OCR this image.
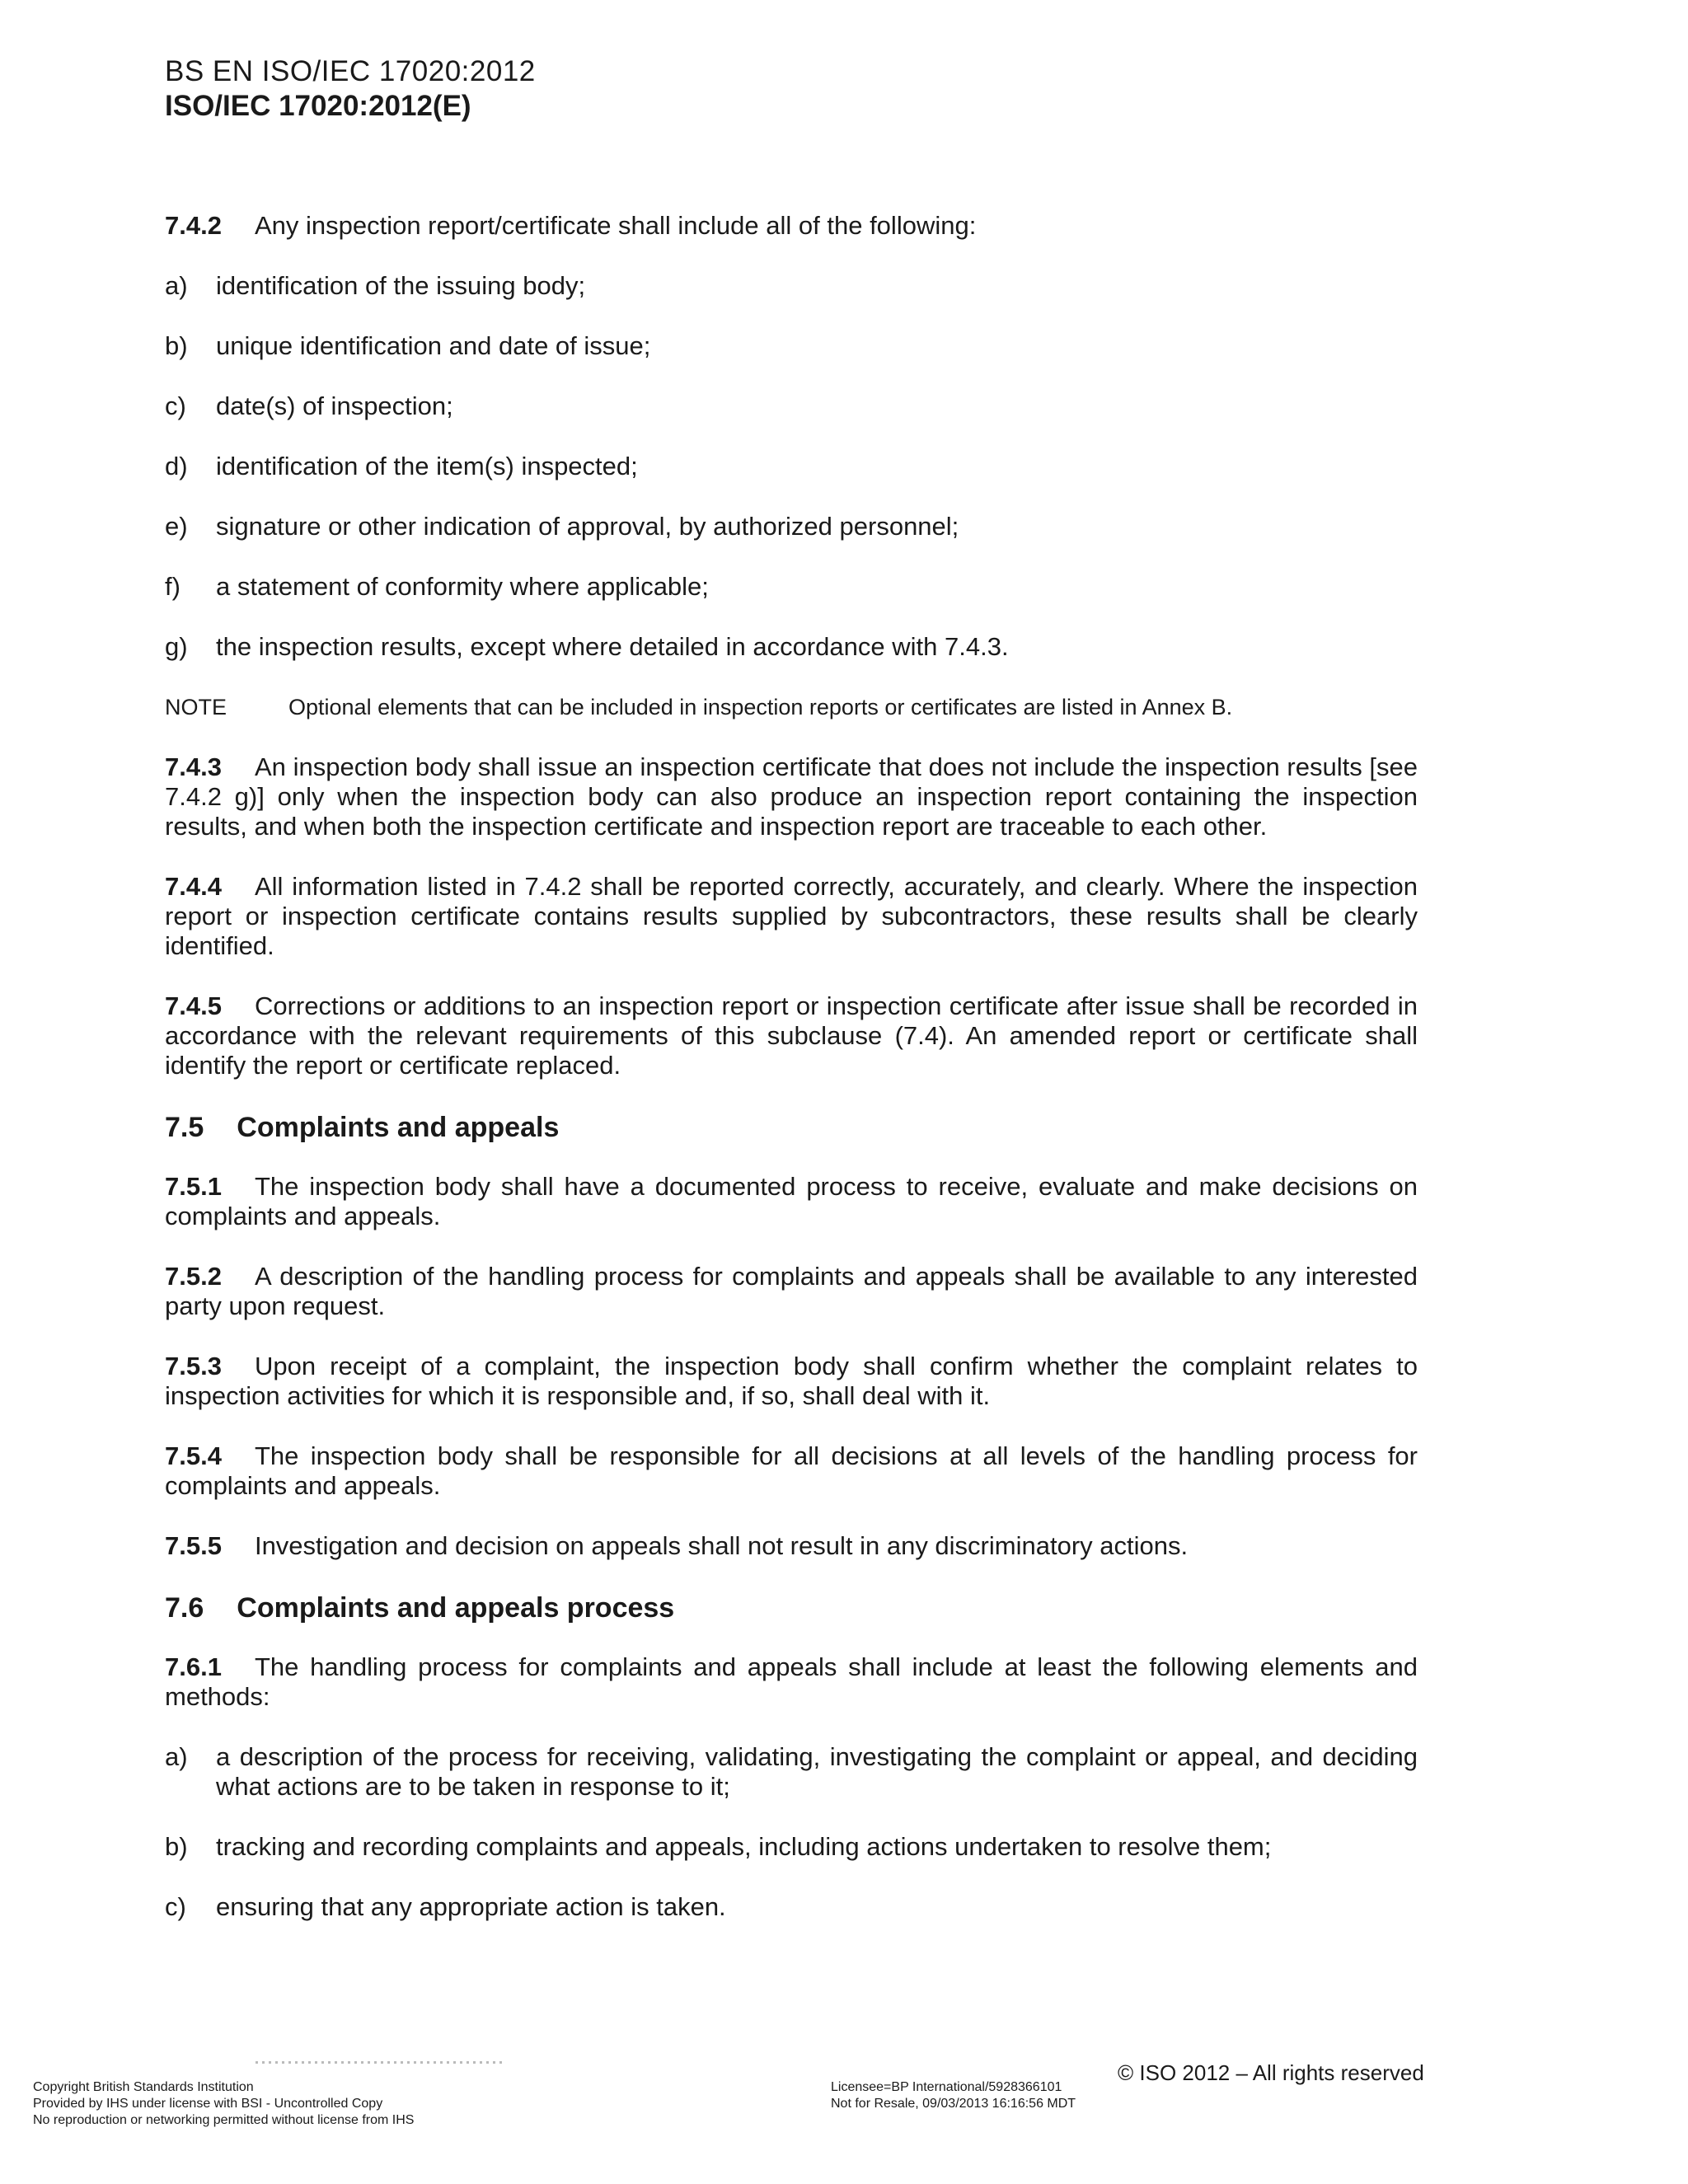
BS EN ISO/IEC 17020:2012
ISO/IEC 17020:2012(E)

7.4.2 Any inspection report/certificate shall include all of the following:

a)	identification of the issuing body;
b)	unique identification and date of issue;
c)	date(s) of inspection;
d)	identification of the item(s) inspected;
e)	signature or other indication of approval, by authorized personnel;
f)	a statement of conformity where applicable;
g)	the inspection results, except where detailed in accordance with 7.4.3.
NOTE	Optional elements that can be included in inspection reports or certificates are listed in Annex B.

7.4.3 An inspection body shall issue an inspection certificate that does not include the inspection results [see 7.4.2 g)] only when the inspection body can also produce an inspection report containing the inspection results, and when both the inspection certificate and inspection report are traceable to each other.

7.4.4 All information listed in 7.4.2 shall be reported correctly, accurately, and clearly. Where the inspection report or inspection certificate contains results supplied by subcontractors, these results shall be clearly identified.

7.4.5 Corrections or additions to an inspection report or inspection certificate after issue shall be recorded in accordance with the relevant requirements of this subclause (7.4). An amended report or certificate shall identify the report or certificate replaced.

7.5 Complaints and appeals

7.5.1 The inspection body shall have a documented process to receive, evaluate and make decisions on complaints and appeals.

7.5.2 A description of the handling process for complaints and appeals shall be available to any interested party upon request.

7.5.3 Upon receipt of a complaint, the inspection body shall confirm whether the complaint relates to inspection activities for which it is responsible and, if so, shall deal with it.

7.5.4 The inspection body shall be responsible for all decisions at all levels of the handling process for complaints and appeals.

7.5.5 Investigation and decision on appeals shall not result in any discriminatory actions.

7.6 Complaints and appeals process

7.6.1 The handling process for complaints and appeals shall include at least the following elements and methods:

a)	a description of the process for receiving, validating, investigating the complaint or appeal, and deciding what actions are to be taken in response to it;
b)	tracking and recording complaints and appeals, including actions undertaken to resolve them;
c)	ensuring that any appropriate action is taken.
© ISO 2012 – All rights reserved
Copyright British Standards Institution
Provided by IHS under license with BSI - Uncontrolled Copy
No reproduction or networking permitted without license from IHS
Licensee=BP International/5928366101
Not for Resale, 09/03/2013 16:16:56 MDT
